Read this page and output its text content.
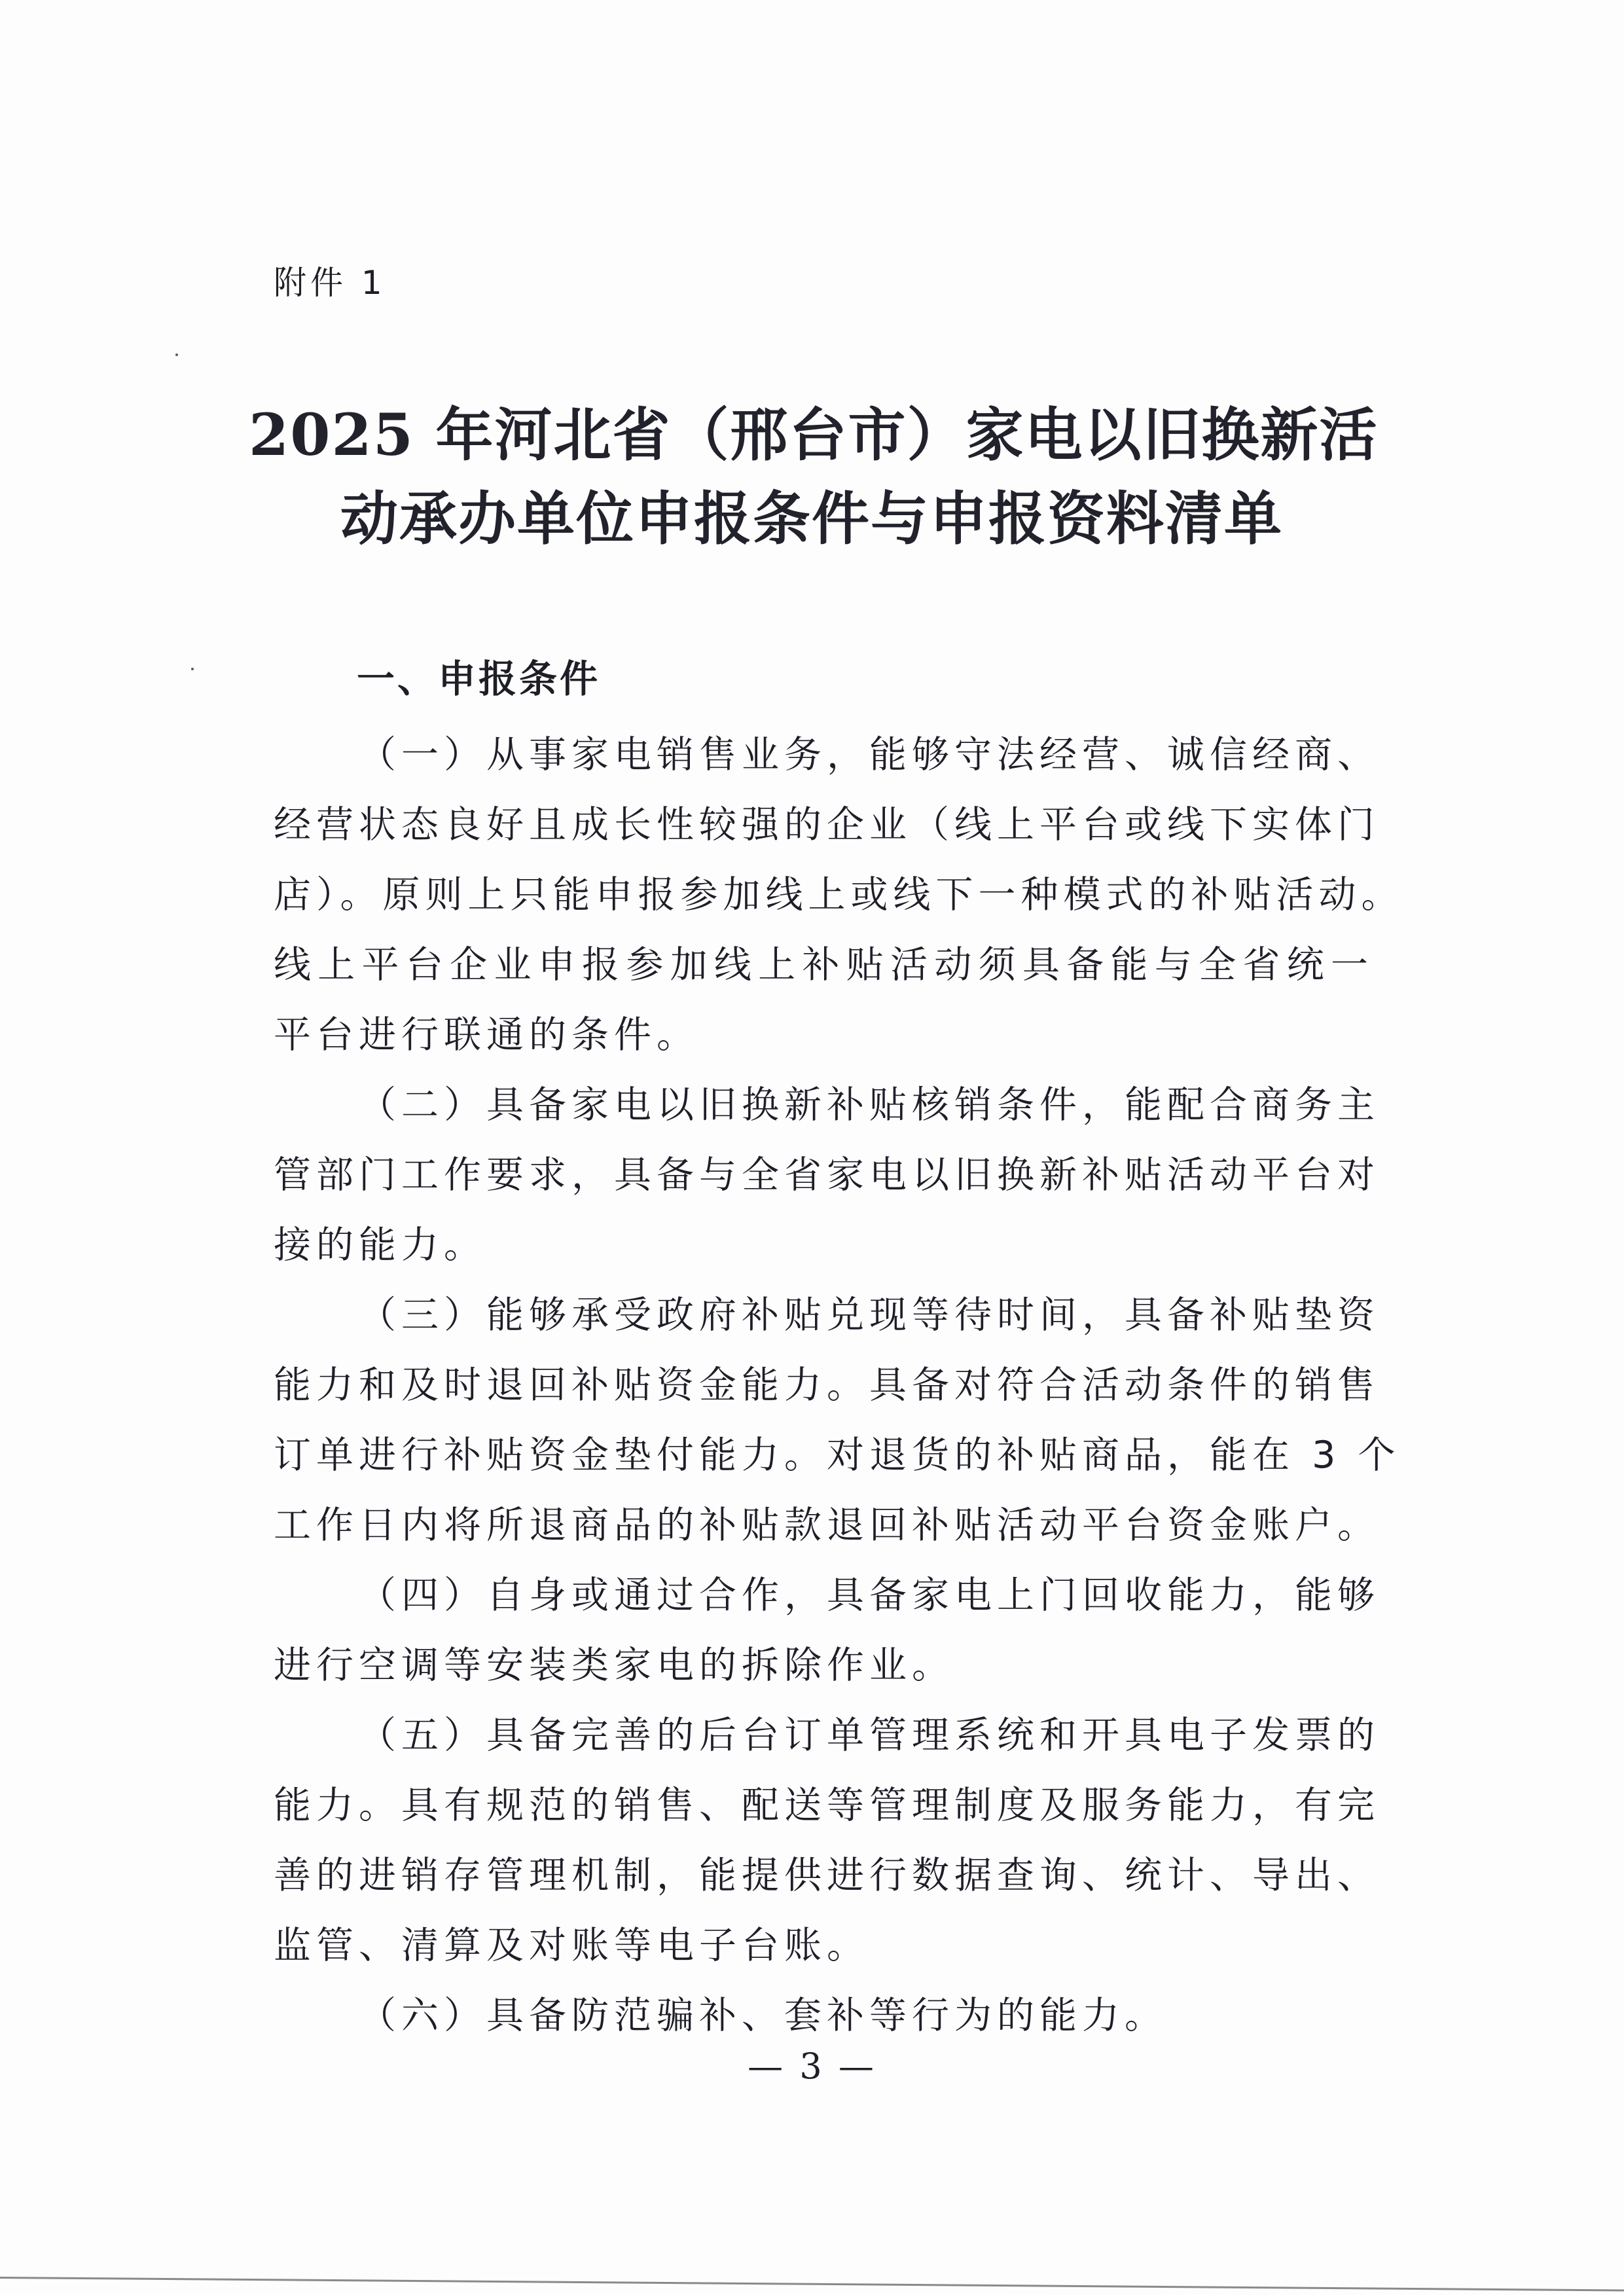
附件 1
2025 年河北省（邢台市）家电以旧换新活
动承办单位申报条件与申报资料清单
一、申报条件
（一）从事家电销售业务，能够守法经营、诚信经商、
经营状态良好且成长性较强的企业（线上平台或线下实体门
店）。原则上只能申报参加线上或线下一种模式的补贴活动。
线上平台企业申报参加线上补贴活动须具备能与全省统一
平台进行联通的条件。
（二）具备家电以旧换新补贴核销条件，能配合商务主
管部门工作要求，具备与全省家电以旧换新补贴活动平台对
接的能力。
（三）能够承受政府补贴兑现等待时间，具备补贴垫资
能力和及时退回补贴资金能力。具备对符合活动条件的销售
订单进行补贴资金垫付能力。对退货的补贴商品，能在 3 个
工作日内将所退商品的补贴款退回补贴活动平台资金账户。
（四）自身或通过合作，具备家电上门回收能力，能够
进行空调等安装类家电的拆除作业。
（五）具备完善的后台订单管理系统和开具电子发票的
能力。具有规范的销售、配送等管理制度及服务能力，有完
善的进销存管理机制，能提供进行数据查询、统计、导出、
监管、清算及对账等电子台账。
（六）具备防范骗补、套补等行为的能力。
— 3 —
